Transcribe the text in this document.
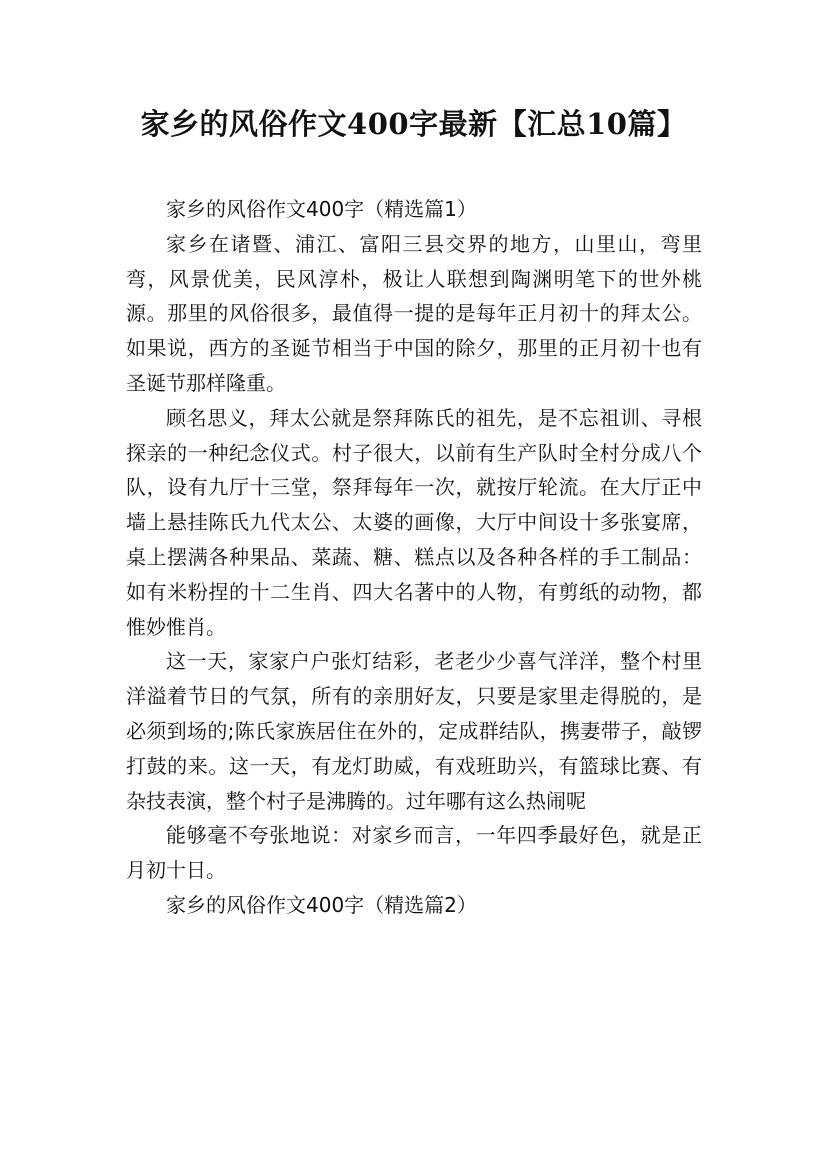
家乡的风俗作文400字最新【汇总10篇】

家乡的风俗作文400字（精选篇1）

家乡在诸暨、浦江、富阳三县交界的地方，山里山，弯里弯，风景优美，民风淳朴，极让人联想到陶渊明笔下的世外桃源。那里的风俗很多，最值得一提的是每年正月初十的拜太公。如果说，西方的圣诞节相当于中国的除夕，那里的正月初十也有圣诞节那样隆重。

顾名思义，拜太公就是祭拜陈氏的祖先，是不忘祖训、寻根探亲的一种纪念仪式。村子很大，以前有生产队时全村分成八个队，设有九厅十三堂，祭拜每年一次，就按厅轮流。在大厅正中墙上悬挂陈氏九代太公、太婆的画像，大厅中间设十多张宴席，桌上摆满各种果品、菜蔬、糖、糕点以及各种各样的手工制品：如有米粉捏的十二生肖、四大名著中的人物，有剪纸的动物，都惟妙惟肖。

这一天，家家户户张灯结彩，老老少少喜气洋洋，整个村里洋溢着节日的气氛，所有的亲朋好友，只要是家里走得脱的，是必须到场的;陈氏家族居住在外的，定成群结队，携妻带子，敲锣打鼓的来。这一天，有龙灯助威，有戏班助兴，有篮球比赛、有杂技表演，整个村子是沸腾的。过年哪有这么热闹呢

能够毫不夸张地说：对家乡而言，一年四季最好色，就是正月初十日。

家乡的风俗作文400字（精选篇2）
